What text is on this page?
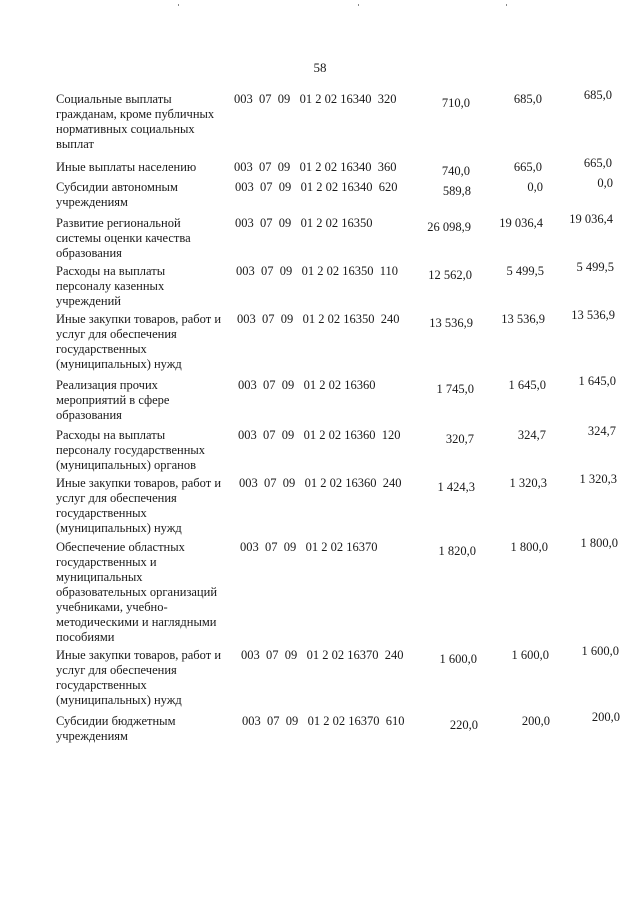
58
Социальные выплаты
гражданам, кроме публичных
нормативных социальных
выплат
003  07  09   01 2 02 16340  320	710,0	685,0	685,0
Иные выплаты населению	003  07  09   01 2 02 16340  360	740,0	665,0	665,0
Субсидии автономным
учреждениям
003  07  09   01 2 02 16340  620	589,8	0,0	0,0
Развитие региональной
системы оценки качества
образования
003  07  09   01 2 02 16350	26 098,9	19 036,4	19 036,4
Расходы на выплаты
персоналу казенных
учреждений
003  07  09   01 2 02 16350  110	12 562,0	5 499,5	5 499,5
Иные закупки товаров, работ и
услуг для обеспечения
государственных
(муниципальных) нужд
003  07  09   01 2 02 16350  240	13 536,9	13 536,9	13 536,9
Реализация прочих
мероприятий в сфере
образования
003  07  09   01 2 02 16360	1 745,0	1 645,0	1 645,0
Расходы на выплаты
персоналу государственных
(муниципальных) органов
003  07  09   01 2 02 16360  120	320,7	324,7	324,7
Иные закупки товаров, работ и
услуг для обеспечения
государственных
(муниципальных) нужд
003  07  09   01 2 02 16360  240	1 424,3	1 320,3	1 320,3
Обеспечение областных
государственных и
муниципальных
образовательных организаций
учебниками, учебно-
методическими и наглядными
пособиями
003  07  09   01 2 02 16370	1 820,0	1 800,0	1 800,0
Иные закупки товаров, работ и
услуг для обеспечения
государственных
(муниципальных) нужд
003  07  09   01 2 02 16370  240	1 600,0	1 600,0	1 600,0
Субсидии бюджетным
учреждениям
003  07  09   01 2 02 16370  610	220,0	200,0	200,0
